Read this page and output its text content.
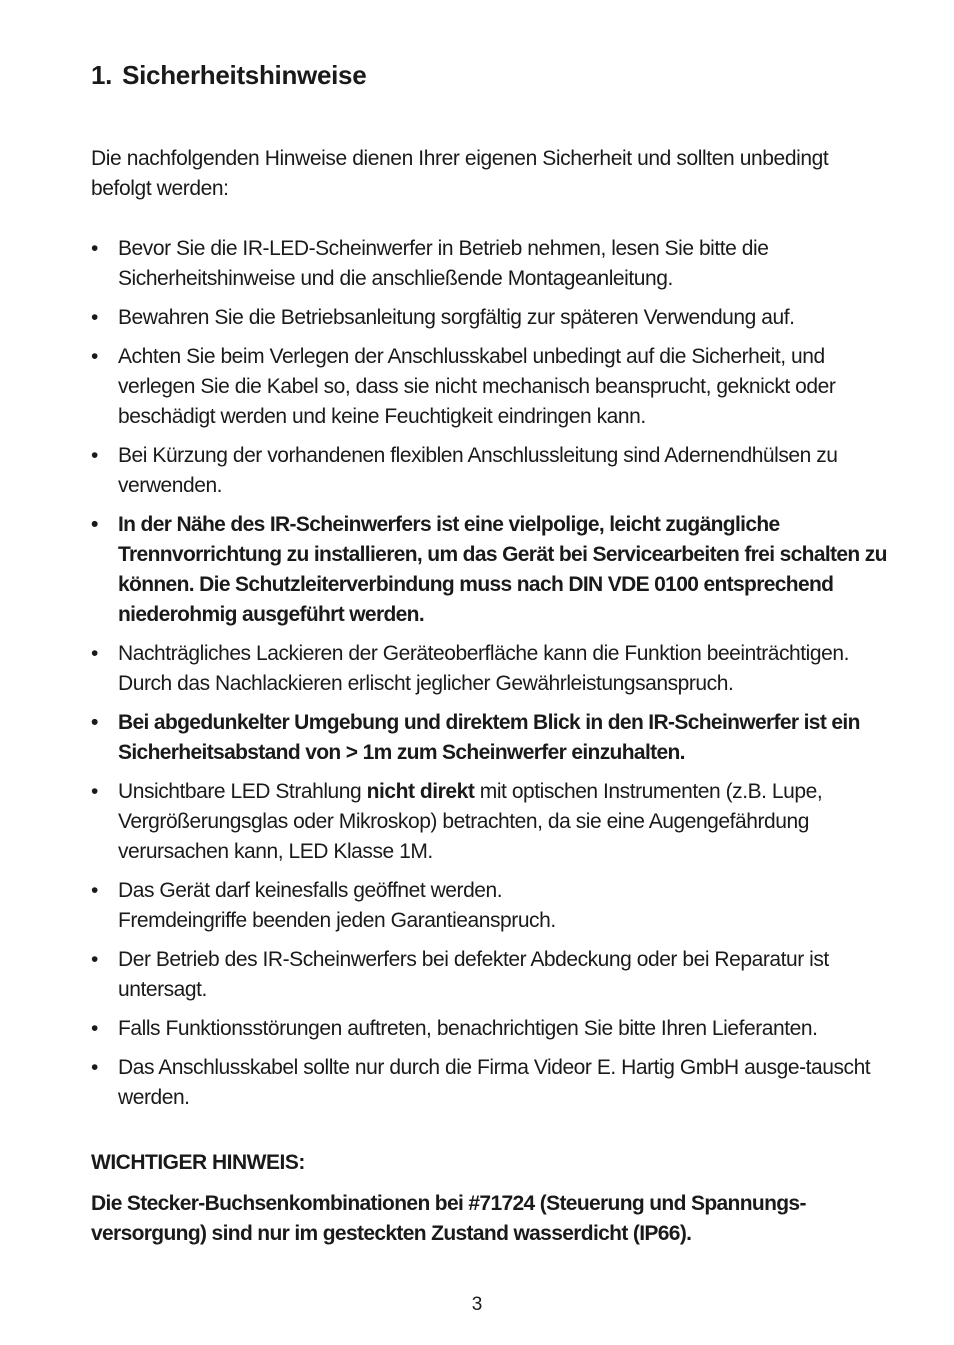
1. Sicherheitshinweise

Die nachfolgenden Hinweise dienen Ihrer eigenen Sicherheit und sollten unbedingt befolgt werden:

• Bevor Sie die IR-LED-Scheinwerfer in Betrieb nehmen, lesen Sie bitte die Sicherheitshinweise und die anschließende Montageanleitung.
• Bewahren Sie die Betriebsanleitung sorgfältig zur späteren Verwendung auf.
• Achten Sie beim Verlegen der Anschlusskabel unbedingt auf die Sicherheit, und verlegen Sie die Kabel so, dass sie nicht mechanisch beansprucht, geknickt oder beschädigt werden und keine Feuchtigkeit eindringen kann.
• Bei Kürzung der vorhandenen flexiblen Anschlussleitung sind Adernendhülsen zu verwenden.
• In der Nähe des IR-Scheinwerfers ist eine vielpolige, leicht zugängliche Trennvorrichtung zu installieren, um das Gerät bei Servicearbeiten frei schalten zu können. Die Schutzleiterverbindung muss nach DIN VDE 0100 entsprechend niederohmig ausgeführt werden.
• Nachträgliches Lackieren der Geräteoberfläche kann die Funktion beeinträchtigen. Durch das Nachlackieren erlischt jeglicher Gewährleistungsanspruch.
• Bei abgedunkelter Umgebung und direktem Blick in den IR-Scheinwerfer ist ein Sicherheitsabstand von > 1m zum Scheinwerfer einzuhalten.
• Unsichtbare LED Strahlung nicht direkt mit optischen Instrumenten (z.B. Lupe, Vergrößerungsglas oder Mikroskop) betrachten, da sie eine Augengefährdung verursachen kann, LED Klasse 1M.
• Das Gerät darf keinesfalls geöffnet werden.
Fremdeingriffe beenden jeden Garantieanspruch.
• Der Betrieb des IR-Scheinwerfers bei defekter Abdeckung oder bei Reparatur ist untersagt.
• Falls Funktionsstörungen auftreten, benachrichtigen Sie bitte Ihren Lieferanten.
• Das Anschlusskabel sollte nur durch die Firma Videor E. Hartig GmbH ausge-tauscht werden.

WICHTIGER HINWEIS:

Die Stecker-Buchsenkombinationen bei #71724 (Steuerung und Spannungs-versorgung) sind nur im gesteckten Zustand wasserdicht (IP66).

3
